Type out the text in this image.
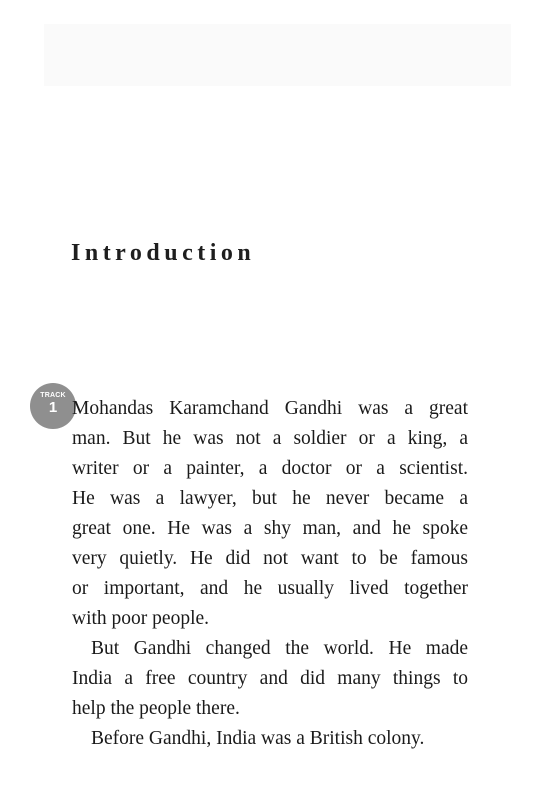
Introduction
TRACK
1 Mohandas Karamchand Gandhi was a great
man. But he was not a soldier or a king, a
writer or a painter, a doctor or a scientist.
He was a lawyer, but he never became a
great one. He was a shy man, and he spoke
very quietly. He did not want to be famous
or important, and he usually lived together
with poor people.
But Gandhi changed the world. He made
India a free country and did many things to
help the people there.
Before Gandhi, India was a British colony.
